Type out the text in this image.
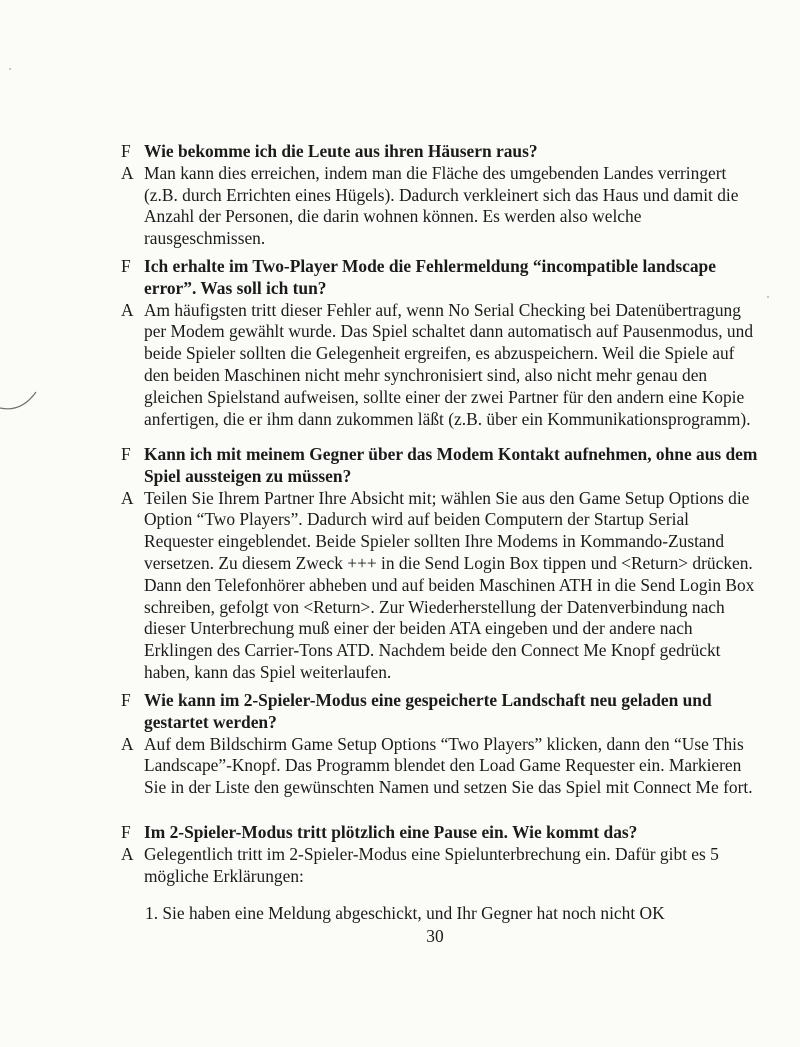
F Wie bekomme ich die Leute aus ihren Häusern raus?
A Man kann dies erreichen, indem man die Fläche des umgebenden Landes verringert (z.B. durch Errichten eines Hügels). Dadurch verkleinert sich das Haus und damit die Anzahl der Personen, die darin wohnen können. Es werden also welche rausgeschmissen.
F Ich erhalte im Two-Player Mode die Fehlermeldung “incompatible landscape error”. Was soll ich tun?
A Am häufigsten tritt dieser Fehler auf, wenn No Serial Checking bei Datenübertragung per Modem gewählt wurde. Das Spiel schaltet dann automatisch auf Pausenmodus, und beide Spieler sollten die Gelegenheit ergreifen, es abzuspeichern. Weil die Spiele auf den beiden Maschinen nicht mehr synchronisiert sind, also nicht mehr genau den gleichen Spielstand aufweisen, sollte einer der zwei Partner für den andern eine Kopie anfertigen, die er ihm dann zukommen läßt (z.B. über ein Kommunikationsprogramm).
F Kann ich mit meinem Gegner über das Modem Kontakt aufnehmen, ohne aus dem Spiel aussteigen zu müssen?
A Teilen Sie Ihrem Partner Ihre Absicht mit; wählen Sie aus den Game Setup Options die Option “Two Players”. Dadurch wird auf beiden Computern der Startup Serial Requester eingeblendet. Beide Spieler sollten Ihre Modems in Kommando-Zustand versetzen. Zu diesem Zweck +++ in die Send Login Box tippen und <Return> drücken. Dann den Telefonhörer abheben und auf beiden Maschinen ATH in die Send Login Box schreiben, gefolgt von <Return>. Zur Wiederherstellung der Datenverbindung nach dieser Unterbrechung muß einer der beiden ATA eingeben und der andere nach Erklingen des Carrier-Tons ATD. Nachdem beide den Connect Me Knopf gedrückt haben, kann das Spiel weiterlaufen.
F Wie kann im 2-Spieler-Modus eine gespeicherte Landschaft neu geladen und gestartet werden?
A Auf dem Bildschirm Game Setup Options “Two Players” klicken, dann den “Use This Landscape”-Knopf. Das Programm blendet den Load Game Requester ein. Markieren Sie in der Liste den gewünschten Namen und setzen Sie das Spiel mit Connect Me fort.
F Im 2-Spieler-Modus tritt plötzlich eine Pause ein. Wie kommt das?
A Gelegentlich tritt im 2-Spieler-Modus eine Spielunterbrechung ein. Dafür gibt es 5 mögliche Erklärungen:
1. Sie haben eine Meldung abgeschickt, und Ihr Gegner hat noch nicht OK
30
